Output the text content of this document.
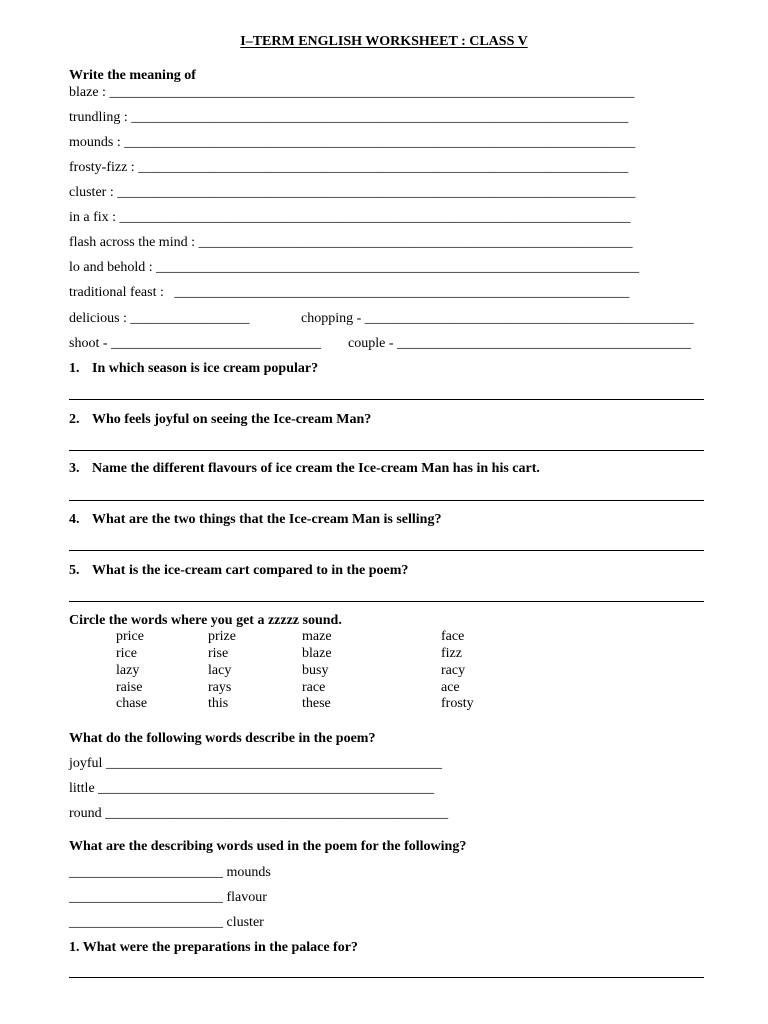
I–TERM ENGLISH WORKSHEET : CLASS V
Write the meaning of
blaze : ___________________________________________________________________________
trundling : _______________________________________________________________________
mounds : _________________________________________________________________________
frosty-fizz : ______________________________________________________________________
cluster : __________________________________________________________________________
in a fix : _________________________________________________________________________
flash across the mind : ______________________________________________________________
lo and behold : _____________________________________________________________________
traditional feast :   _________________________________________________________________
delicious : _________________	chopping - _______________________________________________
shoot - ______________________________ couple - __________________________________________
1. In which season is ice cream popular?
2. Who feels joyful on seeing the Ice-cream Man?
3. Name the different flavours of ice cream the Ice-cream Man has in his cart.
4. What are the two things that the Ice-cream Man is selling?
5. What is the ice-cream cart compared to in the poem?
Circle the words where you get a zzzzz sound.
price	prize	maze	face
rice	rise	blaze	fizz
lazy	lacy	busy	racy
raise	rays	race	ace
chase	this	these	frosty
What do the following words describe in the poem?
joyful ________________________________________________
little ________________________________________________
round _________________________________________________
What are the describing words used in the poem for the following?
______________________ mounds
______________________ flavour
______________________ cluster
1. What were the preparations in the palace for?
